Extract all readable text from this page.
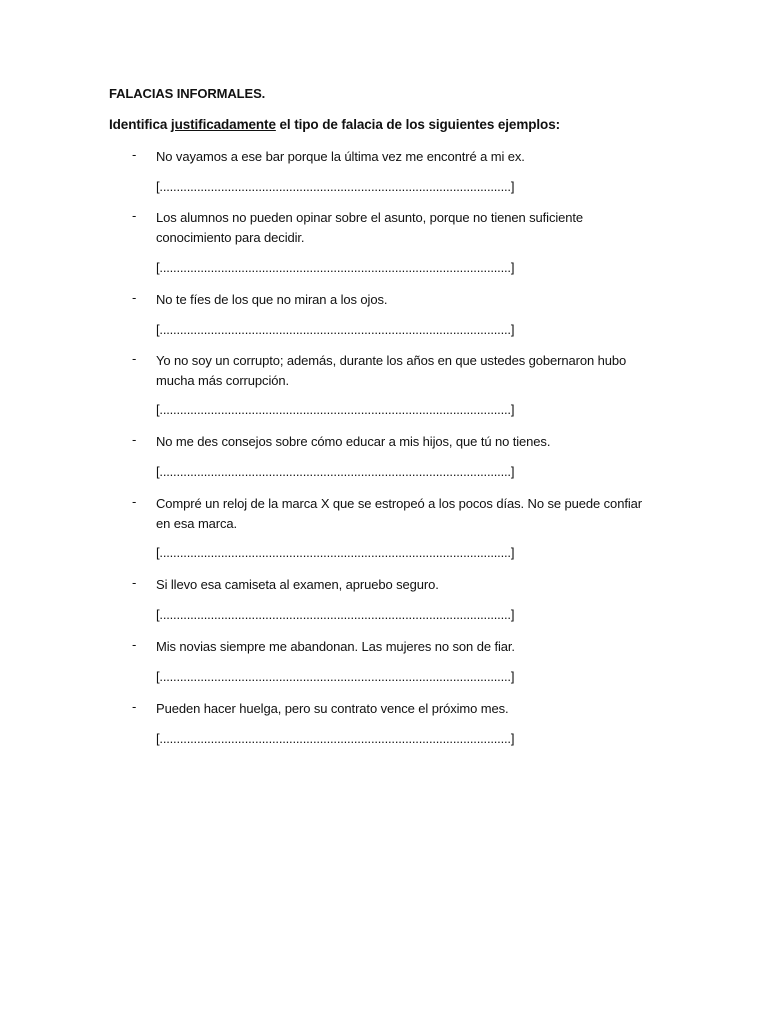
FALACIAS INFORMALES.
Identifica justificadamente el tipo de falacia de los siguientes ejemplos:
-	No vayamos a ese bar porque la última vez me encontré a mi ex.
[.......................................................................................................]
-	Los alumnos no pueden opinar sobre el asunto, porque no tienen suficiente conocimiento para decidir.
[.......................................................................................................]
-	No te fíes de los que no miran a los ojos.
[.......................................................................................................]
-	Yo no soy un corrupto; además, durante los años en que ustedes gobernaron hubo mucha más corrupción.
[.......................................................................................................]
-	No me des consejos sobre cómo educar a mis hijos, que tú no tienes.
[.......................................................................................................]
-	Compré un reloj de la marca X que se estropeó a los pocos días. No se puede confiar en esa marca.
[.......................................................................................................]
-	Si llevo esa camiseta al examen, apruebo seguro.
[.......................................................................................................]
-	Mis novias siempre me abandonan. Las mujeres no son de fiar.
[.......................................................................................................]
-	Pueden hacer huelga, pero su contrato vence el próximo mes.
[.......................................................................................................]
